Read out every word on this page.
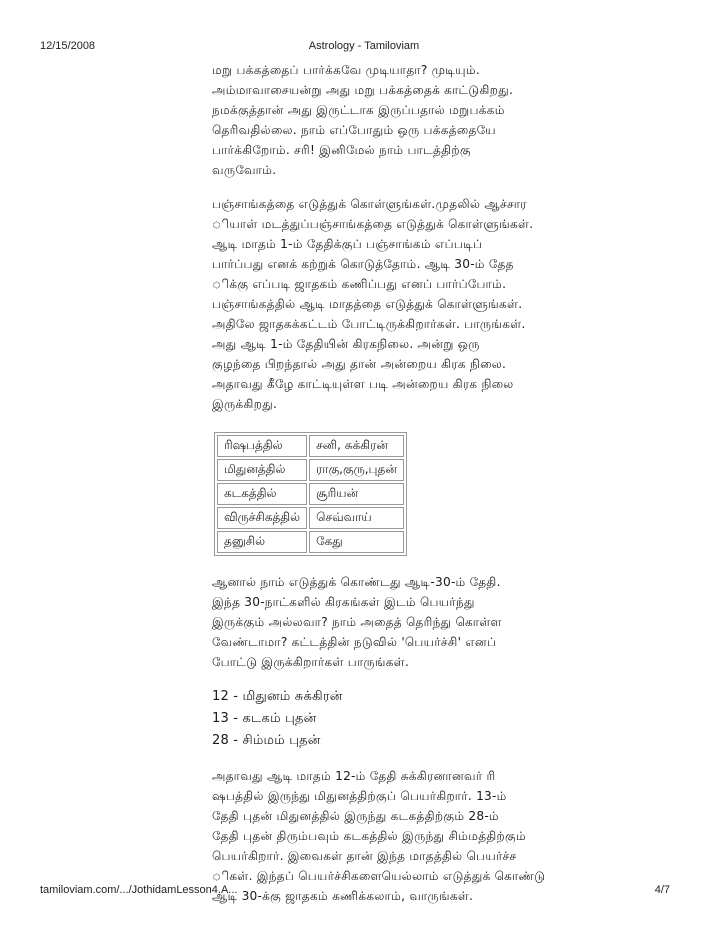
12/15/2008	Astrology - Tamiloviam
மறு பக்கத்தைப் பார்க்கவே முடியாதா? முடியும்.
அம்மாவாசையன்று அது மறு பக்கத்தைக் காட்டுகிறது.
நமக்குத்தான் அது இருட்டாக இருப்பதால் மறுபக்கம்
தெரிவதில்லை. நாம் எப்போதும் ஒரு பக்கத்தையே
பார்க்கிறோம். சரி! இனிமேல் நாம் பாடத்திற்கு
வருவோம்.
பஞ்சாங்கத்தை எடுத்துக் கொள்ளுங்கள்.முதலில் ஆச்சார
ியாள் மடத்துப்பஞ்சாங்கத்தை எடுத்துக் கொள்ளுங்கள்.
ஆடி மாதம் 1-ம் தேதிக்குப் பஞ்சாங்கம் எப்படிப்
பார்ப்பது எனக் கற்றுக் கொடுத்தோம். ஆடி 30-ம் தேத
ிக்கு எப்படி ஜாதகம் கணிப்பது எனப் பார்ப்போம்.
பஞ்சாங்கத்தில் ஆடி மாதத்தை எடுத்துக் கொள்ளுங்கள்.
அதிலே ஜாதகக்கட்டம் போட்டிருக்கிறார்கள். பாருங்கள்.
அது ஆடி 1-ம் தேதியின் கிரகநிலை. அன்று ஒரு
குழந்தை பிறந்தால் அது தான் அன்றைய கிரக நிலை.
அதாவது கீழே காட்டியுள்ள படி அன்றைய கிரக நிலை
இருக்கிறது.
ரிஷபத்தில்	சனி, சுக்கிரன்
மிதுனத்தில்	ராகு,குரு,புதன்
கடகத்தில்	சூரியன்
விருச்சிகத்தில்	செவ்வாய்
தனுசில்	கேது
ஆனால் நாம் எடுத்துக் கொண்டது ஆடி-30-ம் தேதி.
இந்த 30-நாட்களில் கிரகங்கள் இடம் பெயர்ந்து
இருக்கும் அல்லவா? நாம் அதைத் தெரிந்து கொள்ள
வேண்டாமா? கட்டத்தின் நடுவில் 'பெயர்ச்சி' எனப்
போட்டு இருக்கிறார்கள் பாருங்கள்.
12 - மிதுனம் சுக்கிரன்
13 - கடகம் புதன்
28 - சிம்மம் புதன்
அதாவது ஆடி மாதம் 12-ம் தேதி சுக்கிரனானவர் ரி
ஷபத்தில் இருந்து மிதுனத்திற்குப் பெயர்கிறார். 13-ம்
தேதி புதன் மிதுனத்தில் இருந்து கடகத்திற்கும் 28-ம்
தேதி புதன் திரும்பவும் கடகத்தில் இருந்து சிம்மத்திற்கும்
பெயர்கிறார். இவைகள் தான் இந்த மாதத்தில் பெயர்ச்ச
ிகள். இந்தப் பெயர்ச்சிகளையெல்லாம் எடுத்துக் கொண்டு
ஆடி 30-க்கு ஜாதகம் கணிக்கலாம், வாருங்கள்.
tamiloviam.com/.../JothidamLesson4.A...	4/7
